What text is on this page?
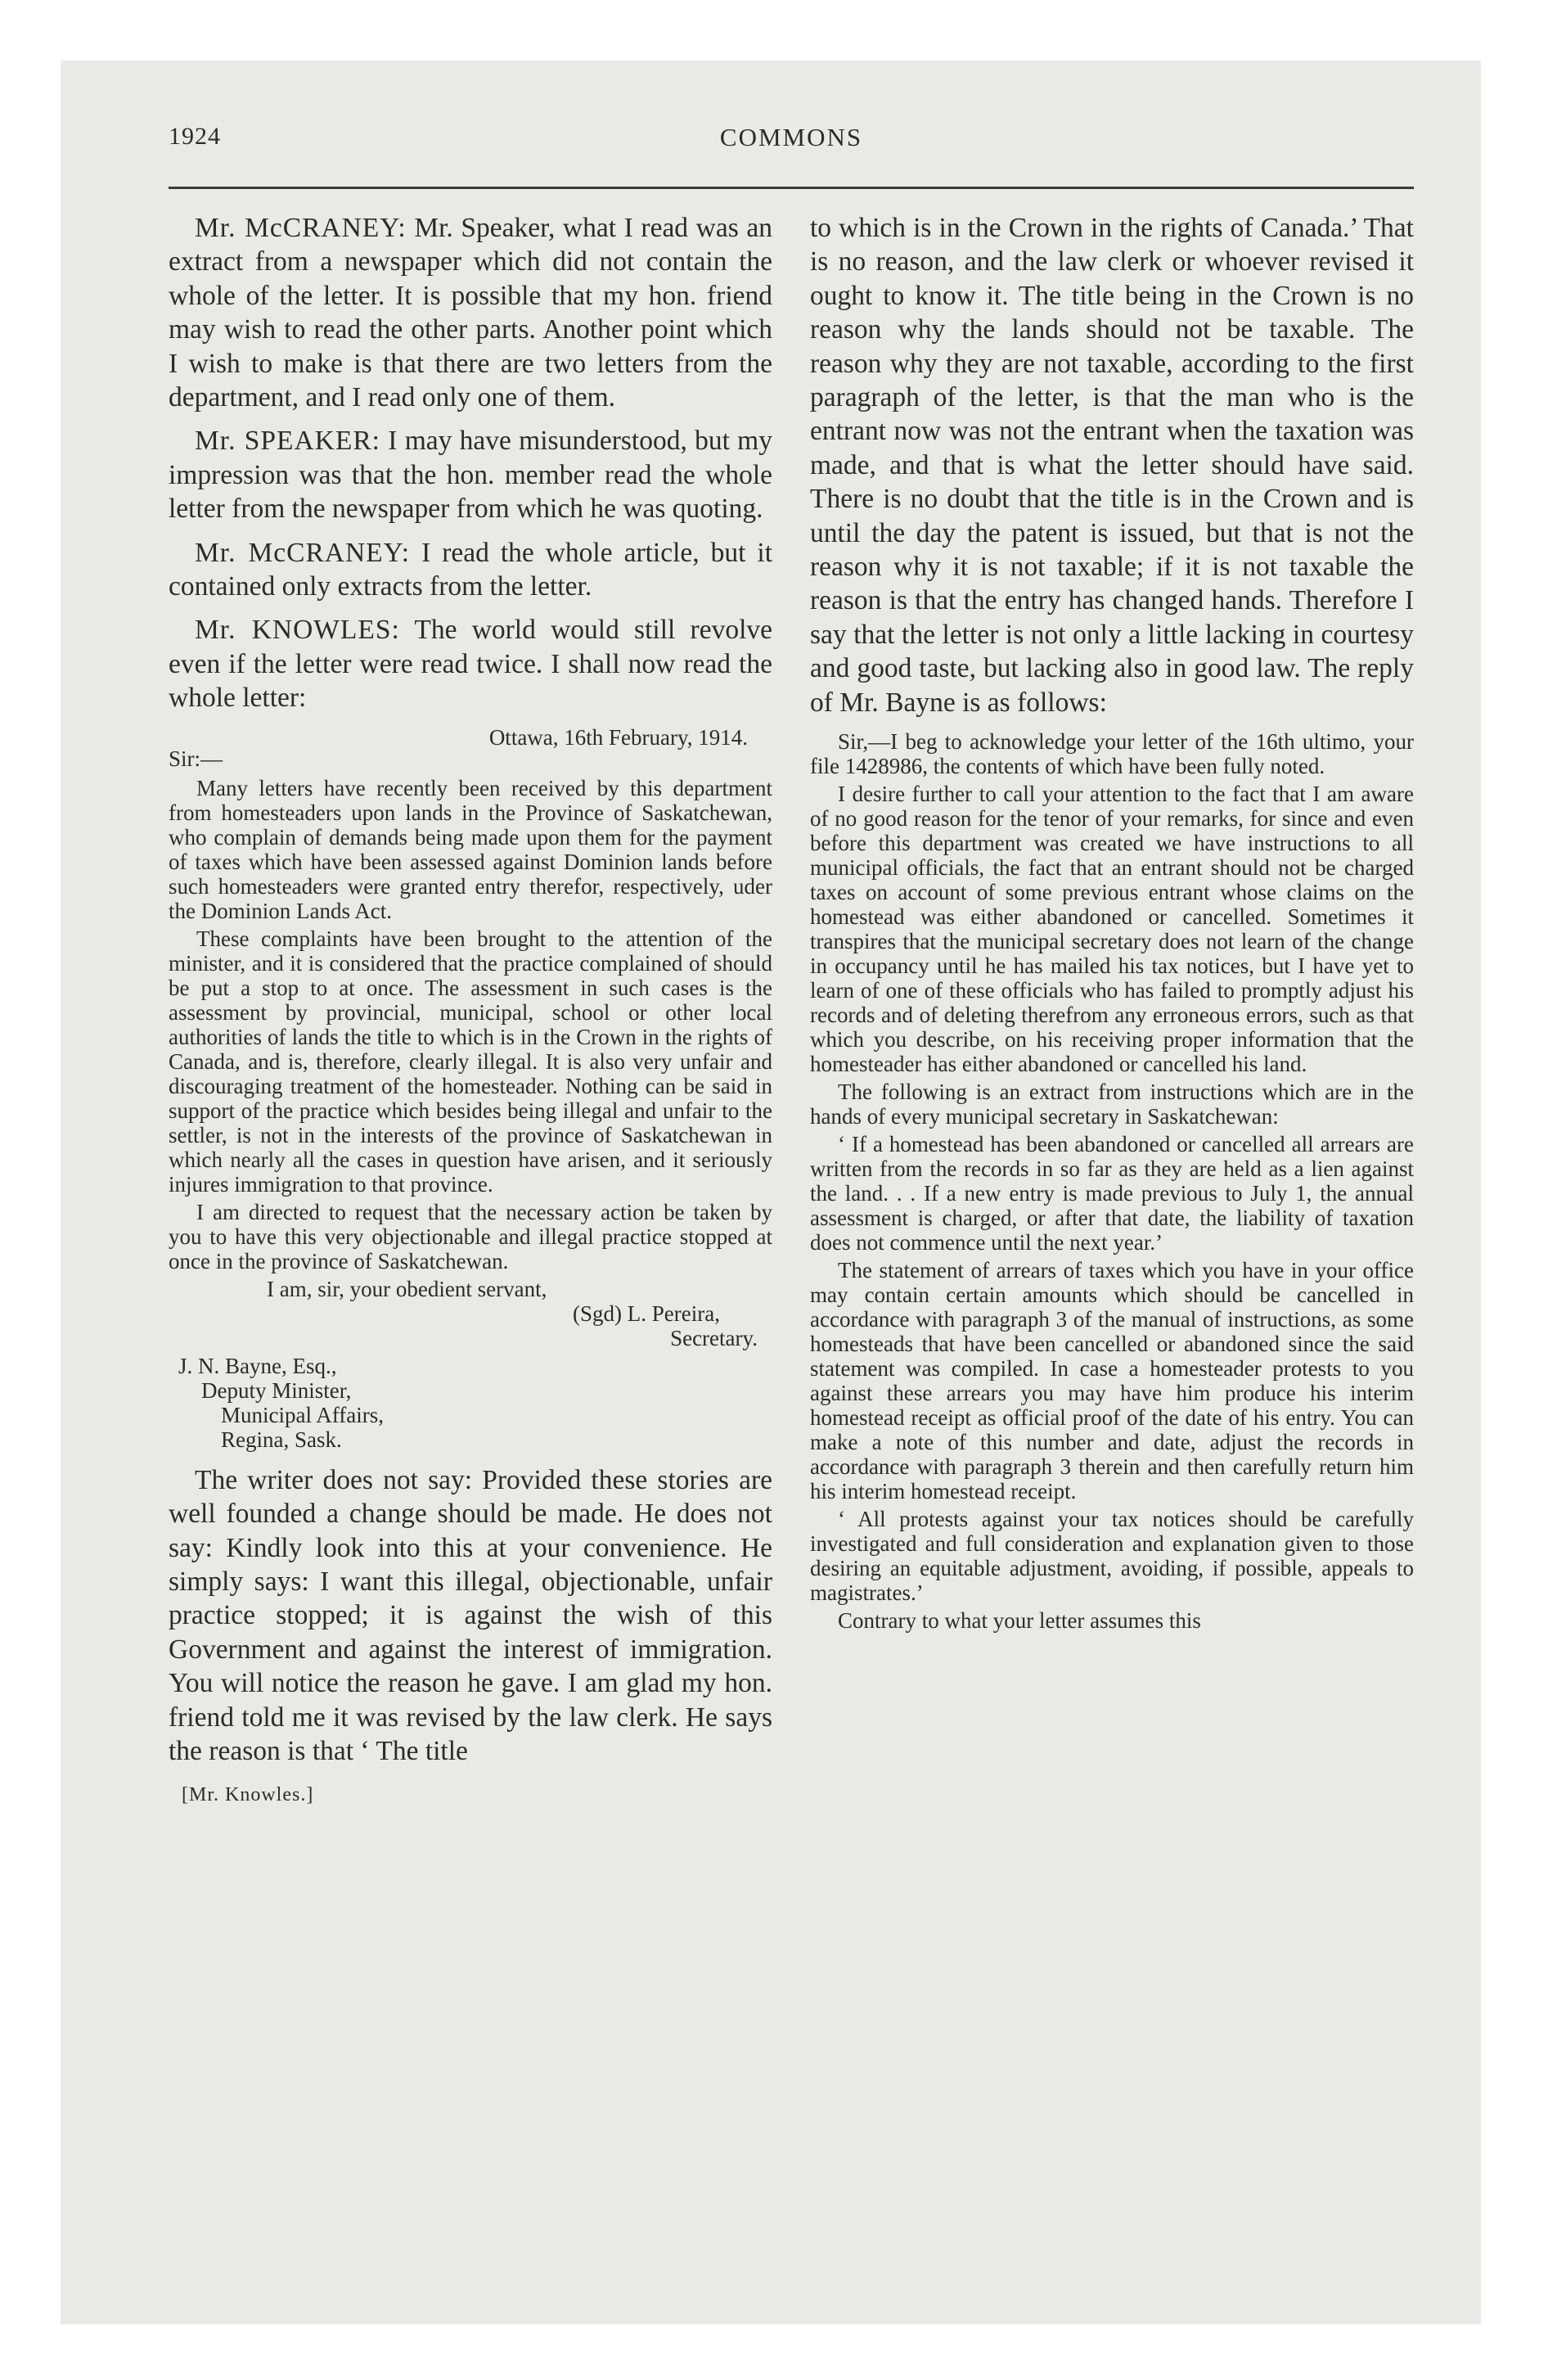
1924	COMMONS

Mr. McCRANEY: Mr. Speaker, what I read was an extract from a newspaper which did not contain the whole of the letter. It is possible that my hon. friend may wish to read the other parts. Another point which I wish to make is that there are two letters from the department, and I read only one of them.

Mr. SPEAKER: I may have misunderstood, but my impression was that the hon. member read the whole letter from the newspaper from which he was quoting.

Mr. McCRANEY: I read the whole article, but it contained only extracts from the letter.

Mr. KNOWLES: The world would still revolve even if the letter were read twice. I shall now read the whole letter:

Ottawa, 16th February, 1914.

Sir:—

Many letters have recently been received by this department from homesteaders upon lands in the Province of Saskatchewan, who complain of demands being made upon them for the payment of taxes which have been assessed against Dominion lands before such homesteaders were granted entry therefor, respectively, uder the Dominion Lands Act.

These complaints have been brought to the attention of the minister, and it is considered that the practice complained of should be put a stop to at once. The assessment in such cases is the assessment by provincial, municipal, school or other local authorities of lands the title to which is in the Crown in the rights of Canada, and is, therefore, clearly illegal. It is also very unfair and discouraging treatment of the homesteader. Nothing can be said in support of the practice which besides being illegal and unfair to the settler, is not in the interests of the province of Saskatchewan in which nearly all the cases in question have arisen, and it seriously injures immigration to that province.

I am directed to request that the necessary action be taken by you to have this very objectionable and illegal practice stopped at once in the province of Saskatchewan.

I am, sir, your obedient servant,

(Sgd) L. Pereira,

Secretary.

J. N. Bayne, Esq.,

Deputy Minister,

Municipal Affairs,

Regina, Sask.

The writer does not say: Provided these stories are well founded a change should be made. He does not say: Kindly look into this at your convenience. He simply says: I want this illegal, objectionable, unfair practice stopped; it is against the wish of this Government and against the interest of immigration. You will notice the reason he gave. I am glad my hon. friend told me it was revised by the law clerk. He says the reason is that ‘ The title

[Mr. Knowles.]

to which is in the Crown in the rights of Canada.’ That is no reason, and the law clerk or whoever revised it ought to know it. The title being in the Crown is no reason why the lands should not be taxable. The reason why they are not taxable, according to the first paragraph of the letter, is that the man who is the entrant now was not the entrant when the taxation was made, and that is what the letter should have said. There is no doubt that the title is in the Crown and is until the day the patent is issued, but that is not the reason why it is not taxable; if it is not taxable the reason is that the entry has changed hands. Therefore I say that the letter is not only a little lacking in courtesy and good taste, but lacking also in good law. The reply of Mr. Bayne is as follows:

Sir,—I beg to acknowledge your letter of the 16th ultimo, your file 1428986, the contents of which have been fully noted.

I desire further to call your attention to the fact that I am aware of no good reason for the tenor of your remarks, for since and even before this department was created we have instructions to all municipal officials, the fact that an entrant should not be charged taxes on account of some previous entrant whose claims on the homestead was either abandoned or cancelled. Sometimes it transpires that the municipal secretary does not learn of the change in occupancy until he has mailed his tax notices, but I have yet to learn of one of these officials who has failed to promptly adjust his records and of deleting therefrom any erroneous errors, such as that which you describe, on his receiving proper information that the homesteader has either abandoned or cancelled his land.

The following is an extract from instructions which are in the hands of every municipal secretary in Saskatchewan:

‘ If a homestead has been abandoned or cancelled all arrears are written from the records in so far as they are held as a lien against the land. . . If a new entry is made previous to July 1, the annual assessment is charged, or after that date, the liability of taxation does not commence until the next year.’

The statement of arrears of taxes which you have in your office may contain certain amounts which should be cancelled in accordance with paragraph 3 of the manual of instructions, as some homesteads that have been cancelled or abandoned since the said statement was compiled. In case a homesteader protests to you against these arrears you may have him produce his interim homestead receipt as official proof of the date of his entry. You can make a note of this number and date, adjust the records in accordance with paragraph 3 therein and then carefully return him his interim homestead receipt.

‘ All protests against your tax notices should be carefully investigated and full consideration and explanation given to those desiring an equitable adjustment, avoiding, if possible, appeals to magistrates.’

Contrary to what your letter assumes this
